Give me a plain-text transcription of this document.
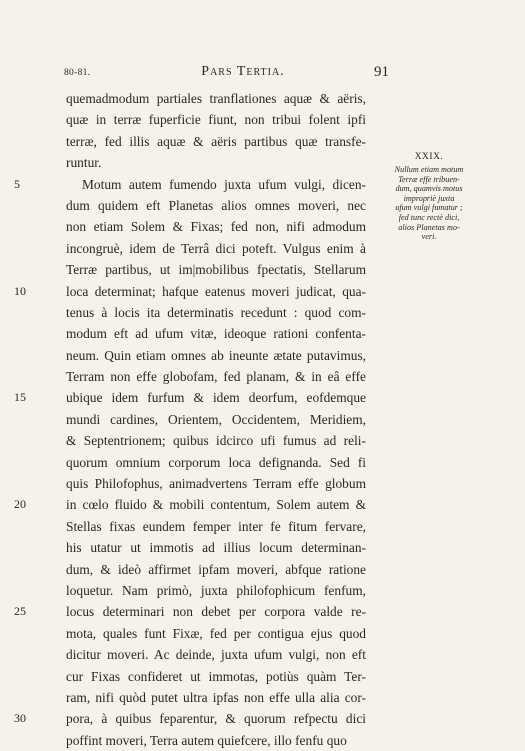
80-81.	Pars Tertia.	91
quemadmodum partiales tranflationes aquæ & aëris,
quæ in terræ fuperficie fiunt, non tribui folent ipfi
terræ, fed illis aquæ & aëris partibus quæ transfe-
runtur.
5	Motum autem fumendo juxta ufum vulgi, dicen-
dum quidem eft Planetas alios omnes moveri, nec
non etiam Solem & Fixas; fed non, nifi admodum
incongruè, idem de Terrâ dici poteft. Vulgus enim à
Terræ partibus, ut im|mobilibus fpectatis, Stellarum
10	loca determinat; hafque eatenus moveri judicat, qua-
tenus à locis ita determinatis recedunt : quod com-
modum eft ad ufum vitæ, ideoque rationi confenta-
neum. Quin etiam omnes ab ineunte ætate putavimus,
Terram non effe globofam, fed planam, & in eâ effe
15	ubique idem furfum & idem deorfum, eofdemque
mundi cardines, Orientem, Occidentem, Meridiem,
& Septentrionem; quibus idcirco ufi fumus ad reli-
quorum omnium corporum loca defignanda. Sed fi
quis Philofophus, animadvertens Terram effe globum
20	in cœlo fluido & mobili contentum, Solem autem &
Stellas fixas eundem femper inter fe fitum fervare,
his utatur ut immotis ad illius locum determinan-
dum, & ideò affirmet ipfam moveri, abfque ratione
loquetur. Nam primò, juxta philofophicum fenfum,
25	locus determinari non debet per corpora valde re-
mota, quales funt Fixæ, fed per contigua ejus quod
dicitur moveri. Ac deinde, juxta ufum vulgi, non eft
cur Fixas confideret ut immotas, potiùs quàm Ter-
ram, nifi quòd putet ultra ipfas non effe ulla alia cor-
30	pora, à quibus feparentur, & quorum refpectu dici
poffint moveri, Terra autem quiefcere, illo fenfu quo
XXIX.
Nullum etiam motum
Terræ effe tribuen-
dum, quamvis motus
impropriè juxta
ufum vulgi fumatur ;
fed tunc rectè dici,
alios Planetas mo-
veri.
